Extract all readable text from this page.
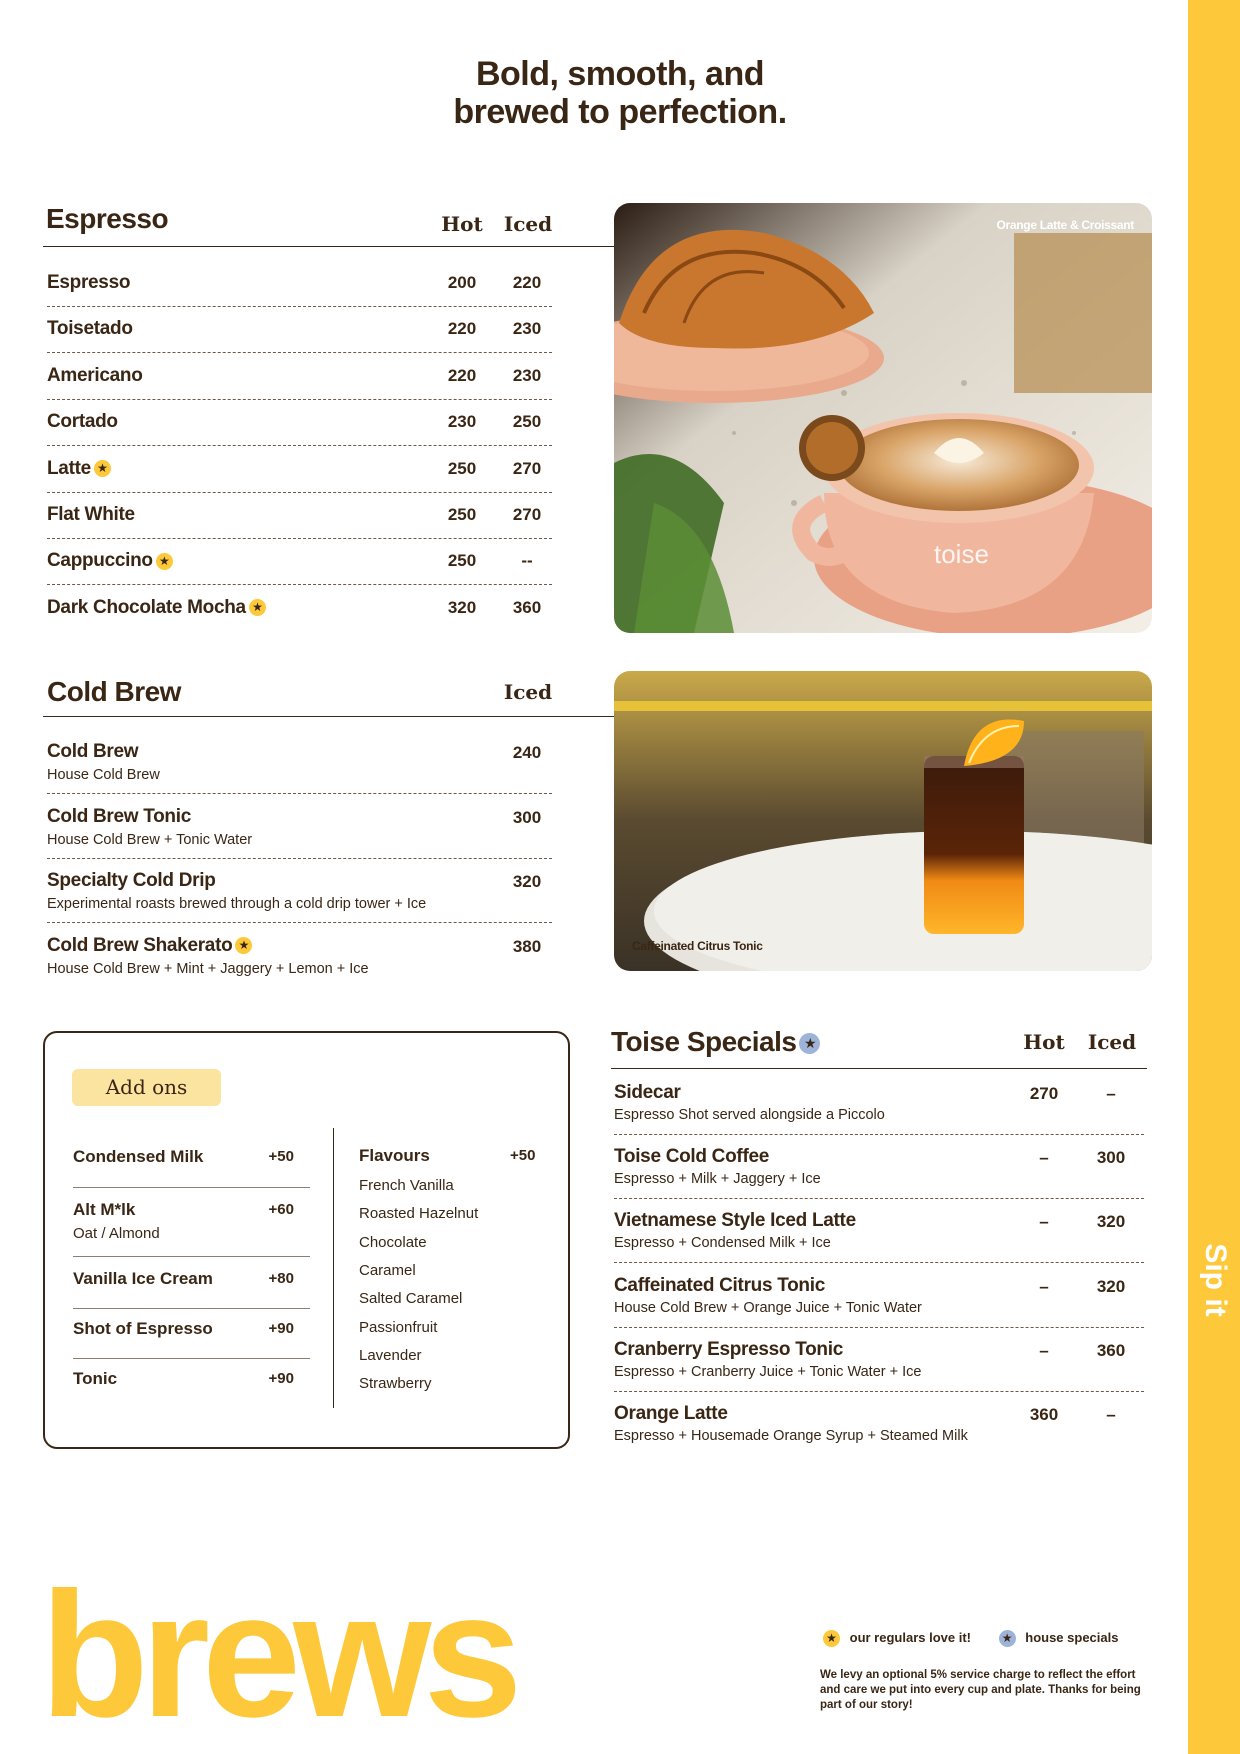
Sip it
Bold, smooth, and
brewed to perfection.
Espresso	Hot	Iced
Espresso	200	220
Toisetado	220	230
Americano	220	230
Cortado	230	250
Latte ★	250	270
Flat White	250	270
Cappuccino ★	250	--
Dark Chocolate Mocha ★	320	360
toise
Orange Latte & Croissant
Cold Brew	Iced
Cold Brew
House Cold Brew
240
Cold Brew Tonic
House Cold Brew + Tonic Water
300
Specialty Cold Drip
Experimental roasts brewed through a cold drip tower + Ice
320
Cold Brew Shakerato ★
House Cold Brew + Mint + Jaggery + Lemon + Ice
380	Caffeinated Citrus Tonic
Add ons
Condensed Milk	+50
Alt M*lk
Oat / Almond
+60
Vanilla Ice Cream	+80
Shot of Espresso	+90
Tonic	+90
Flavours	+50
French Vanilla
Roasted Hazelnut
Chocolate
Caramel
Salted Caramel
Passionfruit
Lavender
Strawberry
Toise Specials ★	Hot	Iced
Sidecar
Espresso Shot served alongside a Piccolo
270	–
Toise Cold Coffee
Espresso + Milk + Jaggery + Ice
–	300
Vietnamese Style Iced Latte
Espresso + Condensed Milk + Ice
–	320
Caffeinated Citrus Tonic
House Cold Brew + Orange Juice + Tonic Water
–	320
Cranberry Espresso Tonic
Espresso + Cranberry Juice + Tonic Water + Ice
–	360
Orange Latte
Espresso + Housemade Orange Syrup + Steamed Milk
360	–
brews	★ our regulars love it!	★ house specials
We levy an optional 5% service charge to reflect the effort and care we put into every cup and plate. Thanks for being part of our story!
